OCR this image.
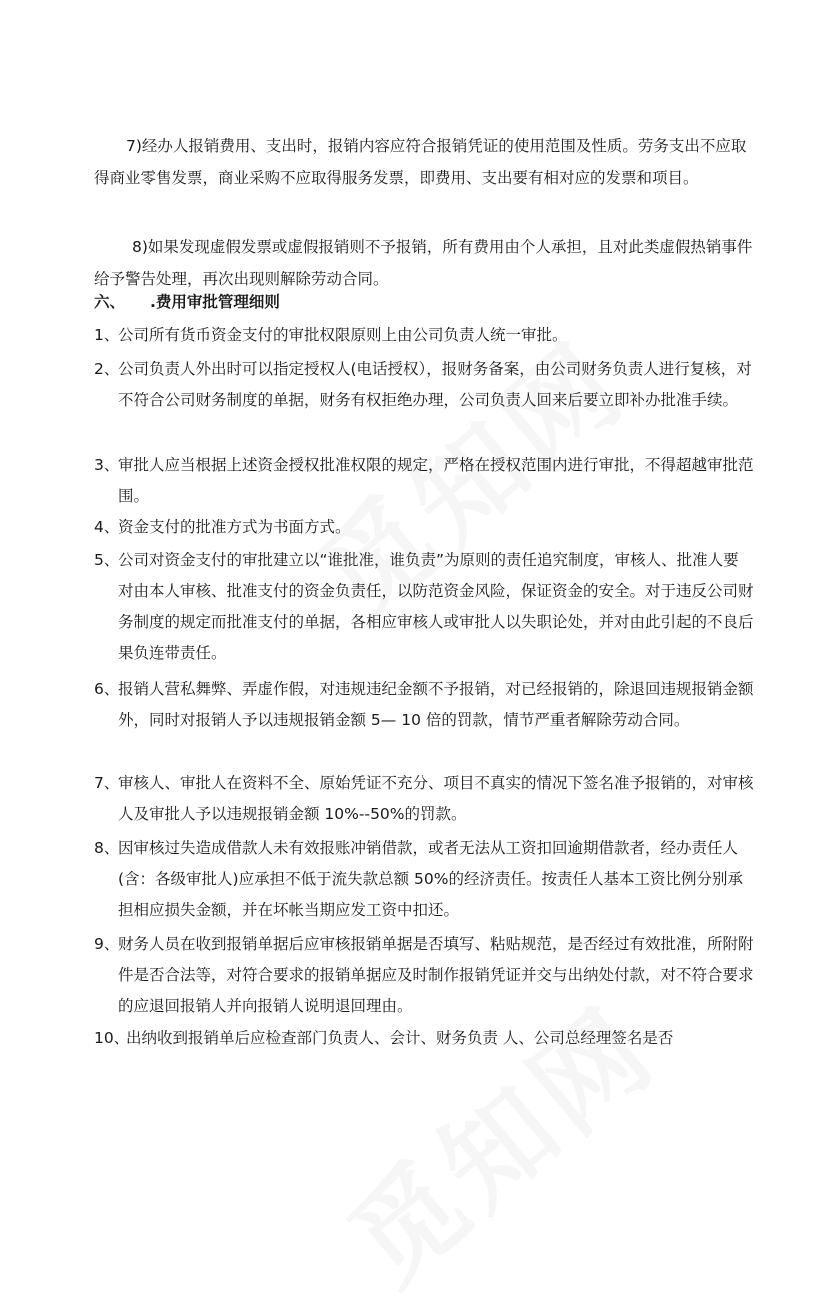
7)经办人报销费用、支出时，报销内容应符合报销凭证的使用范围及性质。劳务支出不应取得商业零售发票，商业采购不应取得服务发票，即费用、支出要有相对应的发票和项目。

8)如果发现虚假发票或虚假报销则不予报销，所有费用由个人承担，且对此类虚假热销事件给予警告处理，再次出现则解除劳动合同。

六、	.费用审批管理细则
1、
公司所有货币资金支付的审批权限原则上由公司负责人统一审批。
2、
公司负责人外出时可以指定授权人(电话授权），报财务备案，由公司财务负责人进行复核，对不符合公司财务制度的单据，财务有权拒绝办理，公司负责人回来后要立即补办批准手续。
3、
审批人应当根据上述资金授权批准权限的规定，严格在授权范围内进行审批，不得超越审批范围。
4、
资金支付的批准方式为书面方式。
5、
公司对资金支付的审批建立以“谁批准，谁负责”为原则的责任追究制度，审核人、批准人要对由本人审核、批准支付的资金负责任，以防范资金风险，保证资金的安全。对于违反公司财务制度的规定而批准支付的单据，各相应审核人或审批人以失职论处，并对由此引起的不良后果负连带责任。
6、
报销人营私舞弊、弄虚作假，对违规违纪金额不予报销，对已经报销的，除退回违规报销金额外，同时对报销人予以违规报销金额 5— 10 倍的罚款，情节严重者解除劳动合同。
7、
审核人、审批人在资料不全、原始凭证不充分、项目不真实的情况下签名准予报销的，对审核人及审批人予以违规报销金额 10%--50%的罚款。
8、
因审核过失造成借款人未有效报账冲销借款，或者无法从工资扣回逾期借款者，经办责任人(含：各级审批人)应承担不低于流失款总额 50%的经济责任。按责任人基本工资比例分别承担相应损失金额，并在坏帐当期应发工资中扣还。
9、
财务人员在收到报销单据后应审核报销单据是否填写、粘贴规范，是否经过有效批准，所附附件是否合法等，对符合要求的报销单据应及时制作报销凭证并交与出纳处付款，对不符合要求的应退回报销人并向报销人说明退回理由。
10、
出纳收到报销单后应检查部门负责人、会计、财务负责 人、公司总经理签名是否
